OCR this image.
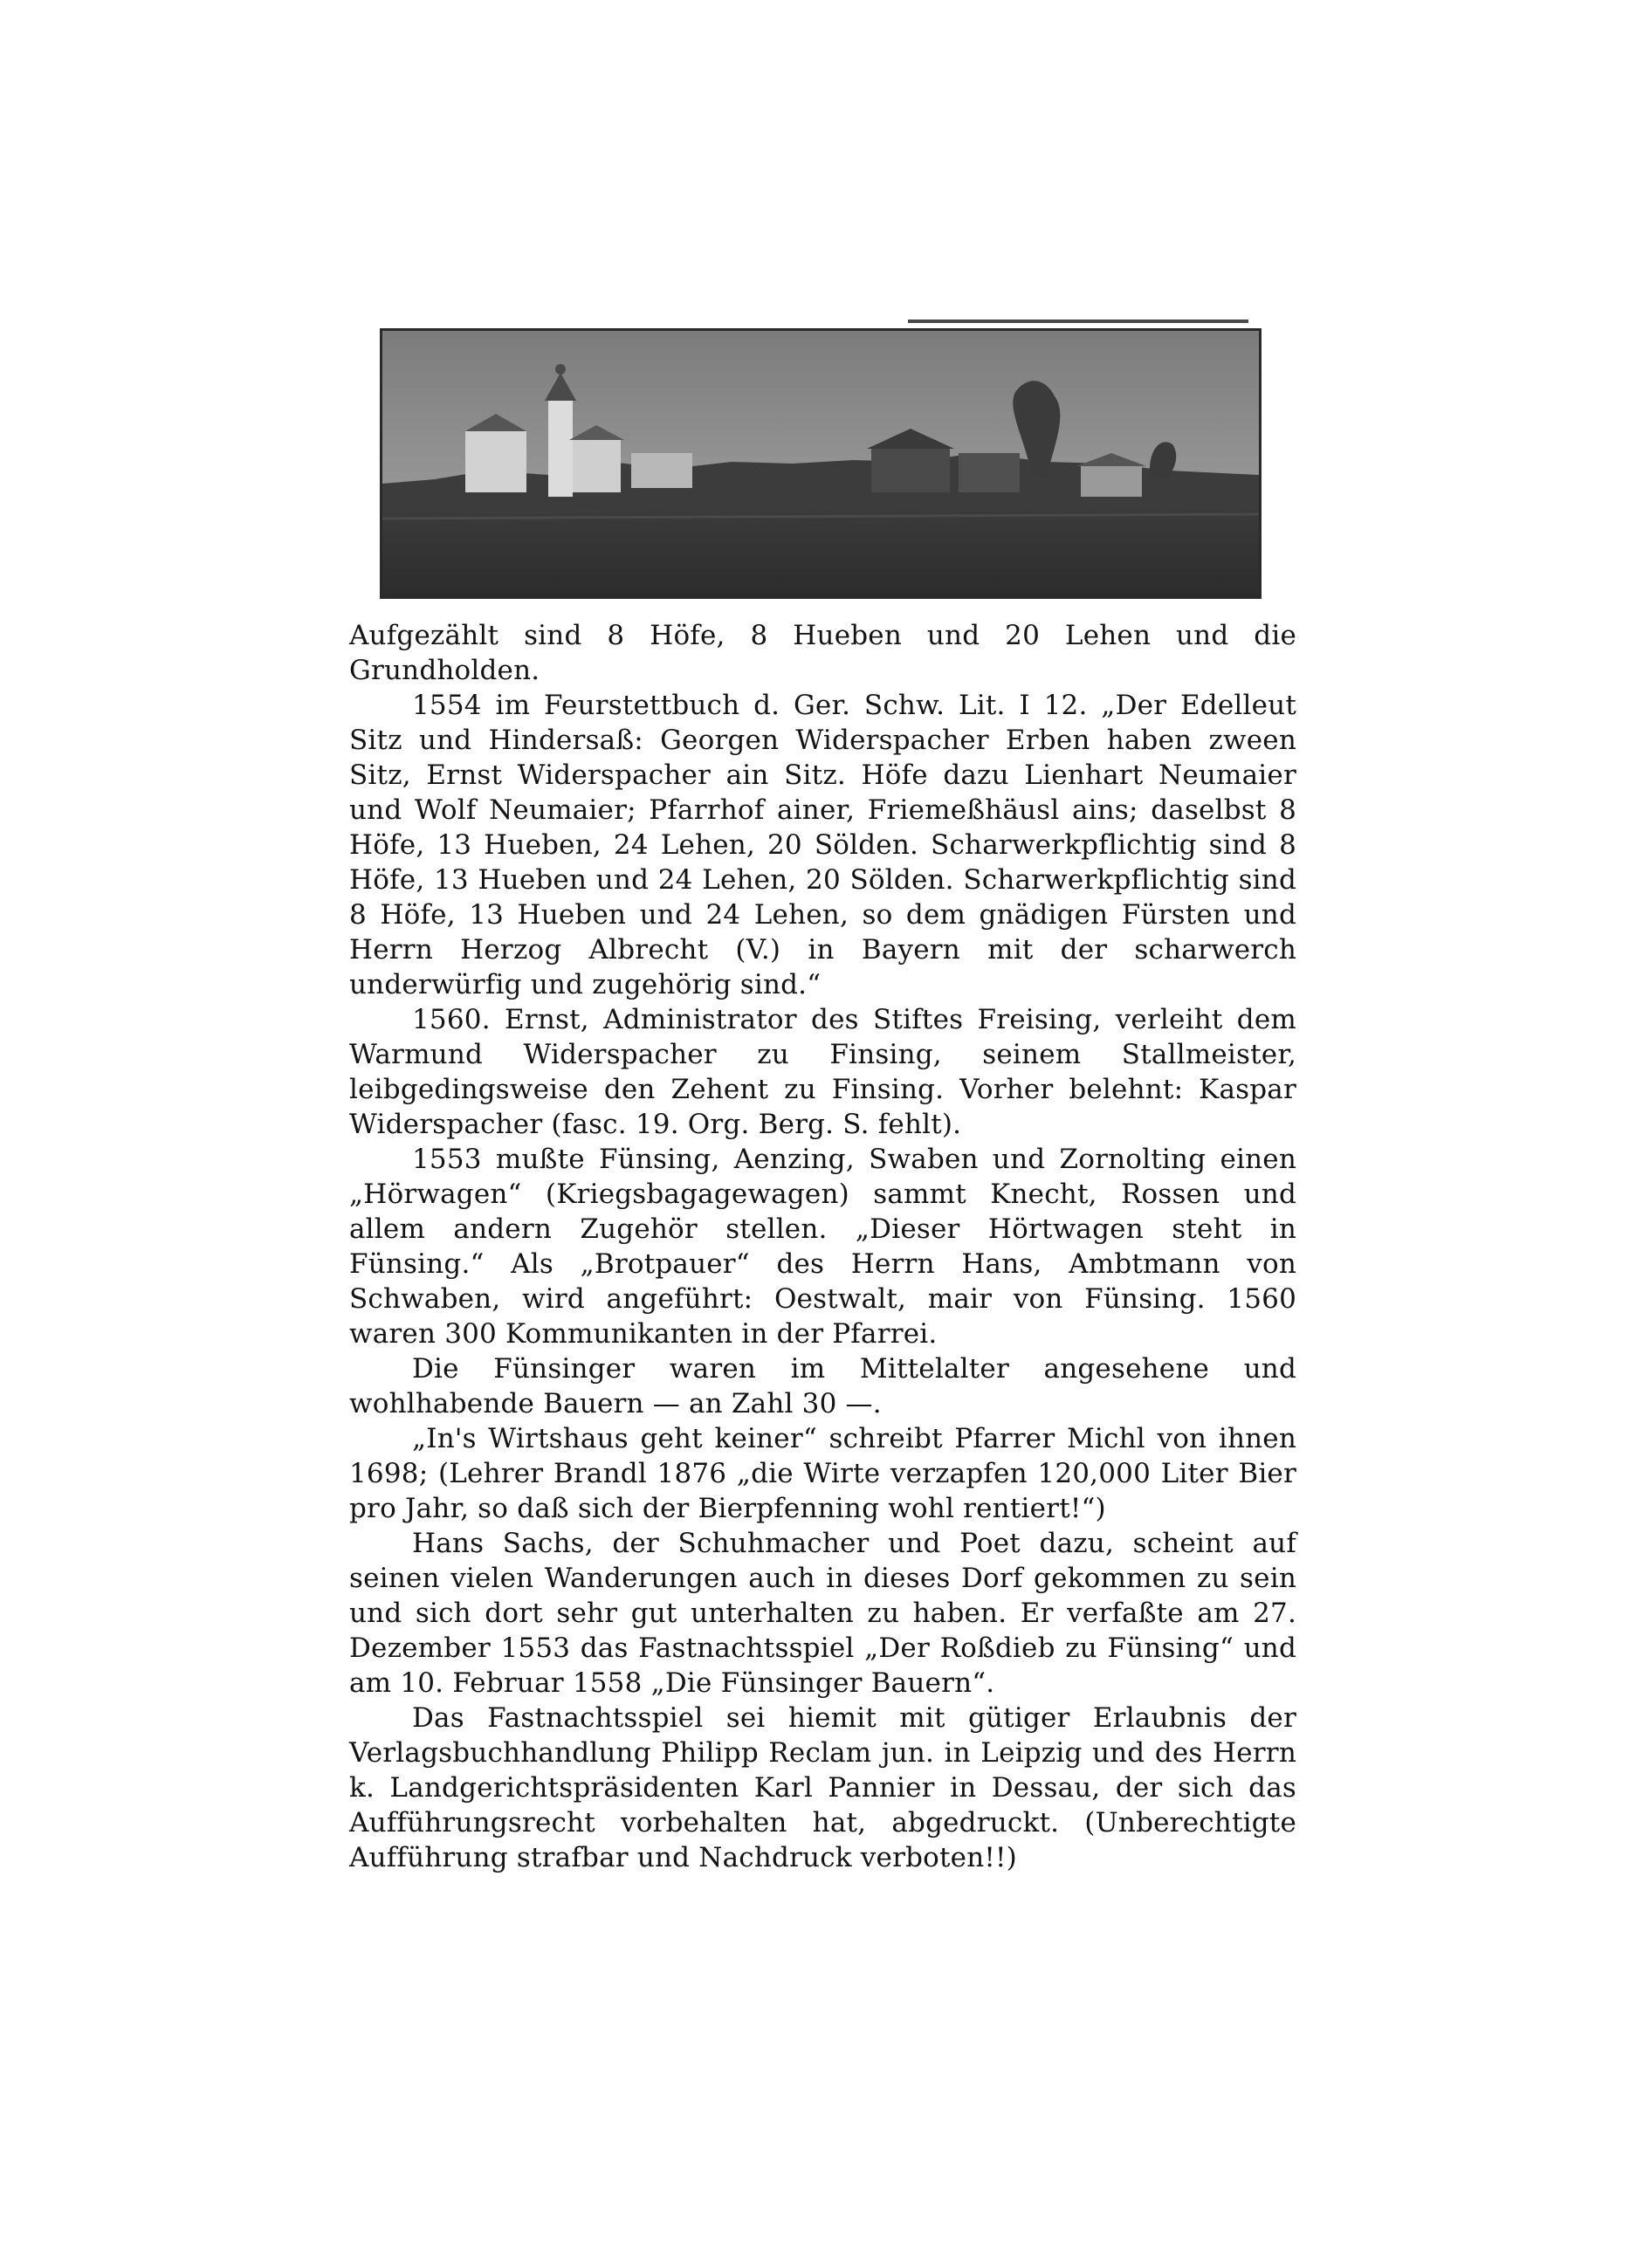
Aufgezählt sind 8 Höfe, 8 Hueben und 20 Lehen und die Grundholden.

1554 im Feurstettbuch d. Ger. Schw. Lit. I 12. „Der Edelleut Sitz und Hindersaß: Georgen Widerspacher Erben haben zween Sitz, Ernst Widerspacher ain Sitz. Höfe dazu Lienhart Neumaier und Wolf Neumaier; Pfarrhof ainer, Friemeßhäusl ains; daselbst 8 Höfe, 13 Hueben, 24 Lehen, 20 Sölden. Scharwerkpflichtig sind 8 Höfe, 13 Hueben und 24 Lehen, 20 Sölden. Scharwerkpflichtig sind 8 Höfe, 13 Hueben und 24 Lehen, so dem gnädigen Fürsten und Herrn Herzog Albrecht (V.) in Bayern mit der scharwerch underwürfig und zugehörig sind.“

1560. Ernst, Administrator des Stiftes Freising, verleiht dem Warmund Widerspacher zu Finsing, seinem Stallmeister, leibgedingsweise den Zehent zu Finsing. Vorher belehnt: Kaspar Widerspacher (fasc. 19. Org. Berg. S. fehlt).

1553 mußte Fünsing, Aenzing, Swaben und Zornolting einen „Hörwagen“ (Kriegsbagagewagen) sammt Knecht, Rossen und allem andern Zugehör stellen. „Dieser Hörtwagen steht in Fünsing.“ Als „Brotpauer“ des Herrn Hans, Ambtmann von Schwaben, wird angeführt: Oestwalt, mair von Fünsing. 1560 waren 300 Kommunikanten in der Pfarrei.

Die Fünsinger waren im Mittelalter angesehene und wohlhabende Bauern — an Zahl 30 —.

„In's Wirtshaus geht keiner“ schreibt Pfarrer Michl von ihnen 1698; (Lehrer Brandl 1876 „die Wirte verzapfen 120,000 Liter Bier pro Jahr, so daß sich der Bierpfenning wohl rentiert!“)

Hans Sachs, der Schuhmacher und Poet dazu, scheint auf seinen vielen Wanderungen auch in dieses Dorf gekommen zu sein und sich dort sehr gut unterhalten zu haben. Er verfaßte am 27. Dezember 1553 das Fastnachtsspiel „Der Roßdieb zu Fünsing“ und am 10. Februar 1558 „Die Fünsinger Bauern“.

Das Fastnachtsspiel sei hiemit mit gütiger Erlaubnis der Verlagsbuchhandlung Philipp Reclam jun. in Leipzig und des Herrn k. Landgerichtspräsidenten Karl Pannier in Dessau, der sich das Aufführungsrecht vorbehalten hat, abgedruckt. (Unberechtigte Aufführung strafbar und Nachdruck verboten!!)
